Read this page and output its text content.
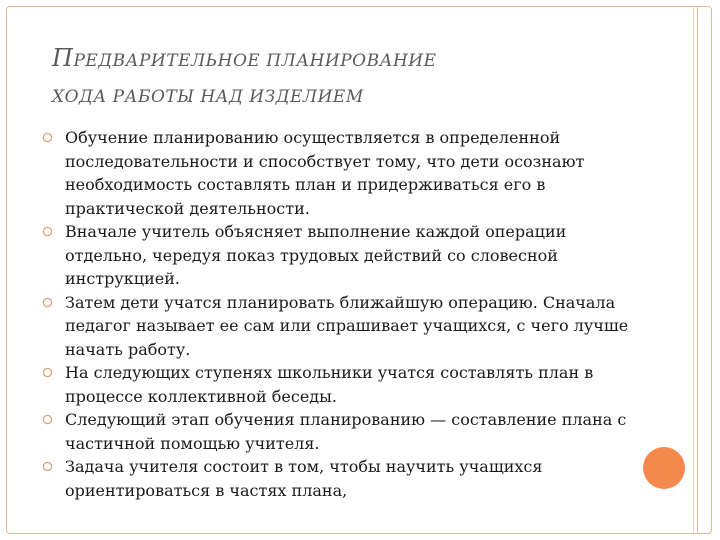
ПРЕДВАРИТЕЛЬНОЕ ПЛАНИРОВАНИЕ
ХОДА РАБОТЫ НАД ИЗДЕЛИЕМ
Обучение планированию осуществляется в определенной последовательности и способствует тому, что дети осознают необходимость составлять план и придерживаться его в практической деятельности.
Вначале учитель объясняет выполнение каждой операции отдельно, чередуя показ трудовых действий со словесной инструкцией.
Затем дети учатся планировать ближайшую операцию. Сначала педагог называет ее сам или спрашивает учащихся, с чего лучше начать работу.
На следующих ступенях школьники учатся составлять план в процессе коллективной беседы.
Следующий этап обучения планированию — составление плана с частичной помощью учителя.
Задача учителя состоит в том, чтобы научить учащихся ориентироваться в частях плана,
